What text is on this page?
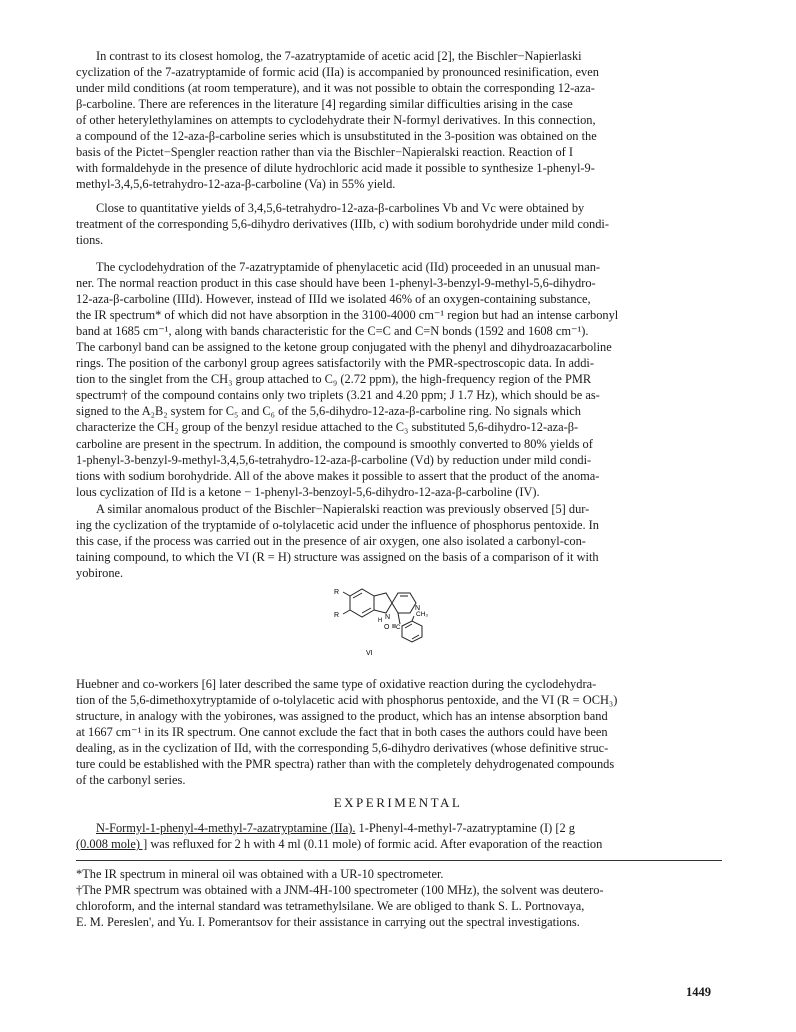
In contrast to its closest homolog, the 7-azatryptamide of acetic acid [2], the Bischler−Napierlaski
cyclization of the 7-azatryptamide of formic acid (IIa) is accompanied by pronounced resinification, even
under mild conditions (at room temperature), and it was not possible to obtain the corresponding 12-aza-
β-carboline. There are references in the literature [4] regarding similar difficulties arising in the case
of other heterylethylamines on attempts to cyclodehydrate their N-formyl derivatives. In this connection,
a compound of the 12-aza-β-carboline series which is unsubstituted in the 3-position was obtained on the
basis of the Pictet−Spengler reaction rather than via the Bischler−Napieralski reaction. Reaction of I
with formaldehyde in the presence of dilute hydrochloric acid made it possible to synthesize 1-phenyl-9-
methyl-3,4,5,6-tetrahydro-12-aza-β-carboline (Va) in 55% yield.
Close to quantitative yields of 3,4,5,6-tetrahydro-12-aza-β-carbolines Vb and Vc were obtained by
treatment of the corresponding 5,6-dihydro derivatives (IIIb, c) with sodium borohydride under mild condi-
tions.
The cyclodehydration of the 7-azatryptamide of phenylacetic acid (IId) proceeded in an unusual man-
ner. The normal reaction product in this case should have been 1-phenyl-3-benzyl-9-methyl-5,6-dihydro-
12-aza-β-carboline (IIId). However, instead of IIId we isolated 46% of an oxygen-containing substance,
the IR spectrum* of which did not have absorption in the 3100-4000 cm⁻¹ region but had an intense carbonyl
band at 1685 cm⁻¹, along with bands characteristic for the C=C and C=N bonds (1592 and 1608 cm⁻¹).
The carbonyl band can be assigned to the ketone group conjugated with the phenyl and dihydroazacarboline
rings. The position of the carbonyl group agrees satisfactorily with the PMR-spectroscopic data. In addi-
tion to the singlet from the CH₃ group attached to C₉ (2.72 ppm), the high-frequency region of the PMR
spectrum† of the compound contains only two triplets (3.21 and 4.20 ppm; J 1.7 Hz), which should be as-
signed to the A₂B₂ system for C₅ and C₆ of the 5,6-dihydro-12-aza-β-carboline ring. No signals which
characterize the CH₂ group of the benzyl residue attached to the C₃ substituted 5,6-dihydro-12-aza-β-
carboline are present in the spectrum. In addition, the compound is smoothly converted to 80% yields of
1-phenyl-3-benzyl-9-methyl-3,4,5,6-tetrahydro-12-aza-β-carboline (Vd) by reduction under mild condi-
tions with sodium borohydride. All of the above makes it possible to assert that the product of the anoma-
lous cyclization of IId is a ketone − 1-phenyl-3-benzoyl-5,6-dihydro-12-aza-β-carboline (IV).
A similar anomalous product of the Bischler−Napieralski reaction was previously observed [5] dur-
ing the cyclization of the tryptamide of o-tolylacetic acid under the influence of phosphorus pentoxide. In
this case, if the process was carried out in the presence of air oxygen, one also isolated a carbonyl-con-
taining compound, to which the VI (R = H) structure was assigned on the basis of a comparison of it with
yobirone.
R
R	N
H
N
CH₃
O C
VI
Huebner and co-workers [6] later described the same type of oxidative reaction during the cyclodehydra-
tion of the 5,6-dimethoxytryptamide of o-tolylacetic acid with phosphorus pentoxide, and the VI (R = OCH₃)
structure, in analogy with the yobirones, was assigned to the product, which has an intense absorption band
at 1667 cm⁻¹ in its IR spectrum. One cannot exclude the fact that in both cases the authors could have been
dealing, as in the cyclization of IId, with the corresponding 5,6-dihydro derivatives (whose definitive struc-
ture could be established with the PMR spectra) rather than with the completely dehydrogenated compounds
of the carbonyl series.
EXPERIMENTAL
N-Formyl-1-phenyl-4-methyl-7-azatryptamine (IIa). 1-Phenyl-4-methyl-7-azatryptamine (I) [2 g
(0.008 mole) ] was refluxed for 2 h with 4 ml (0.11 mole) of formic acid. After evaporation of the reaction
*The IR spectrum in mineral oil was obtained with a UR-10 spectrometer.
†The PMR spectrum was obtained with a JNM-4H-100 spectrometer (100 MHz), the solvent was deutero-
chloroform, and the internal standard was tetramethylsilane. We are obliged to thank S. L. Portnovaya,
E. M. Pereslen', and Yu. I. Pomerantsov for their assistance in carrying out the spectral investigations.
1449
